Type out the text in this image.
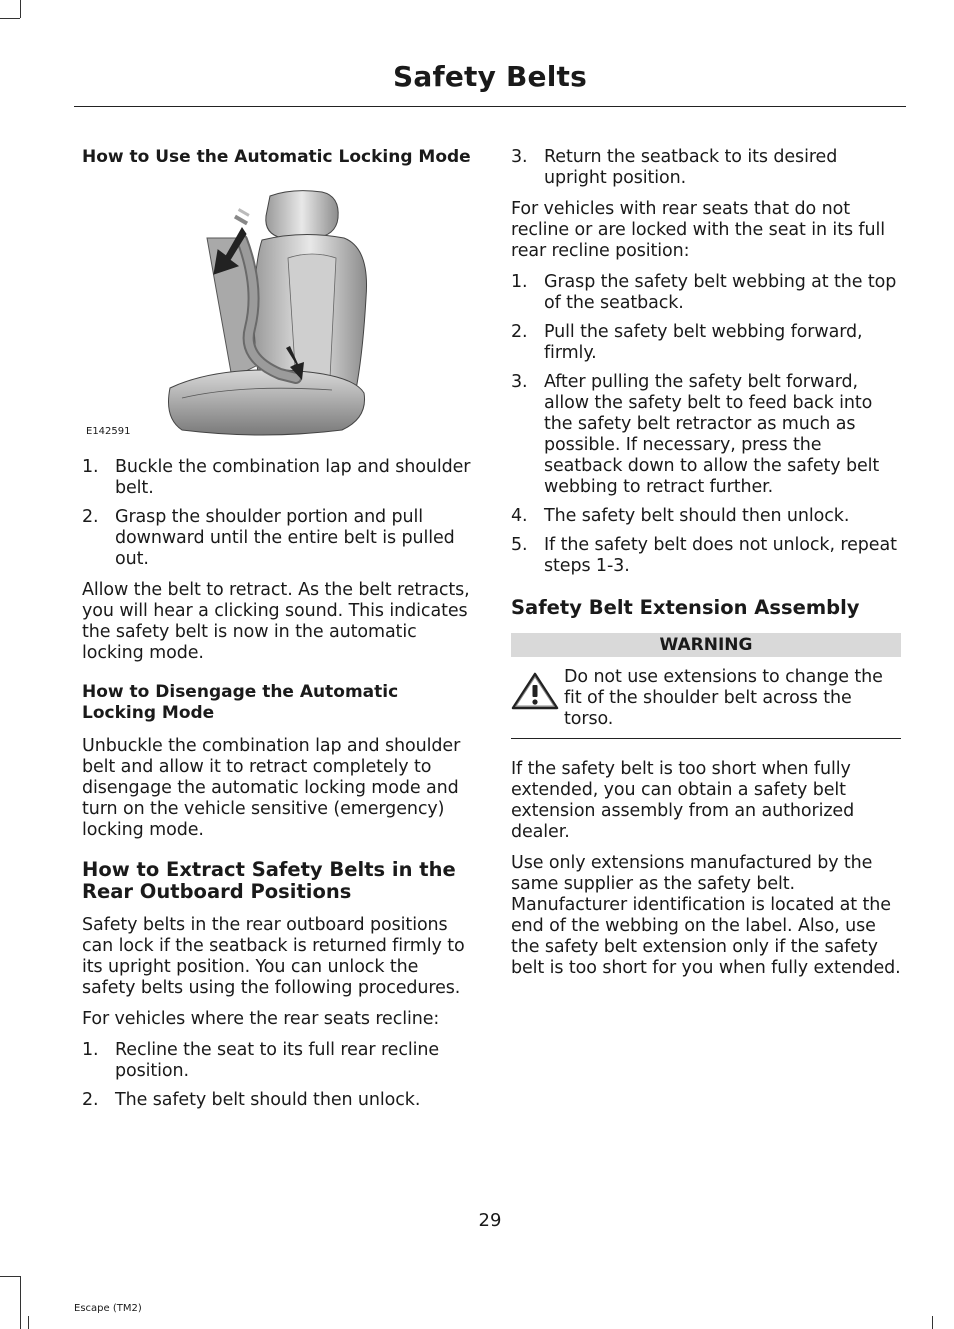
Safety Belts
How to Use the Automatic Locking Mode
E142591
1. Buckle the combination lap and shoulder belt.
2. Grasp the shoulder portion and pull downward until the entire belt is pulled out.

Allow the belt to retract. As the belt retracts, you will hear a clicking sound. This indicates the safety belt is now in the automatic locking mode.

How to Disengage the Automatic Locking Mode

Unbuckle the combination lap and shoulder belt and allow it to retract completely to disengage the automatic locking mode and turn on the vehicle sensitive (emergency) locking mode.

How to Extract Safety Belts in the Rear Outboard Positions

Safety belts in the rear outboard positions can lock if the seatback is returned firmly to its upright position. You can unlock the safety belts using the following procedures.

For vehicles where the rear seats recline:

1. Recline the seat to its full rear recline position.
2. The safety belt should then unlock.
3. Return the seatback to its desired upright position.

For vehicles with rear seats that do not recline or are locked with the seat in its full rear recline position:

1. Grasp the safety belt webbing at the top of the seatback.
2. Pull the safety belt webbing forward, firmly.
3. After pulling the safety belt forward, allow the safety belt to feed back into the safety belt retractor as much as possible. If necessary, press the seatback down to allow the safety belt webbing to retract further.
4. The safety belt should then unlock.
5. If the safety belt does not unlock, repeat steps 1-3.
Safety Belt Extension Assembly
WARNING

Do not use extensions to change the fit of the shoulder belt across the torso.

If the safety belt is too short when fully extended, you can obtain a safety belt extension assembly from an authorized dealer.

Use only extensions manufactured by the same supplier as the safety belt. Manufacturer identification is located at the end of the webbing on the label. Also, use the safety belt extension only if the safety belt is too short for you when fully extended.

29
Escape (TM2)
